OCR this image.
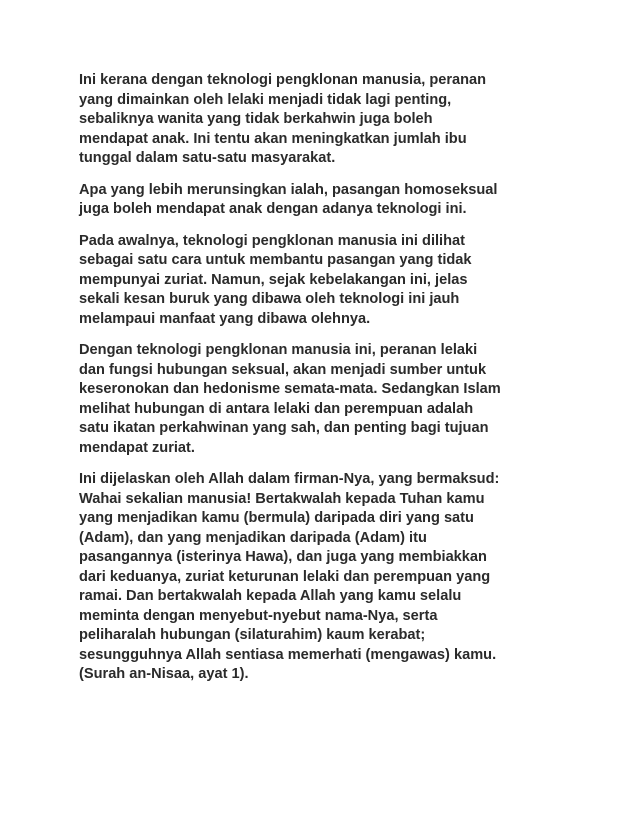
Ini kerana dengan teknologi pengklonan manusia, peranan
yang dimainkan oleh lelaki menjadi tidak lagi penting,
sebaliknya wanita yang tidak berkahwin juga boleh
mendapat anak. Ini tentu akan meningkatkan jumlah ibu
tunggal dalam satu-satu masyarakat.

Apa yang lebih merunsingkan ialah, pasangan homoseksual
juga boleh mendapat anak dengan adanya teknologi ini.

Pada awalnya, teknologi pengklonan manusia ini dilihat
sebagai satu cara untuk membantu pasangan yang tidak
mempunyai zuriat. Namun, sejak kebelakangan ini, jelas
sekali kesan buruk yang dibawa oleh teknologi ini jauh
melampaui manfaat yang dibawa olehnya.

Dengan teknologi pengklonan manusia ini, peranan lelaki
dan fungsi hubungan seksual, akan menjadi sumber untuk
keseronokan dan hedonisme semata-mata. Sedangkan Islam
melihat hubungan di antara lelaki dan perempuan adalah
satu ikatan perkahwinan yang sah, dan penting bagi tujuan
mendapat zuriat.

Ini dijelaskan oleh Allah dalam firman-Nya, yang bermaksud:
Wahai sekalian manusia! Bertakwalah kepada Tuhan kamu
yang menjadikan kamu (bermula) daripada diri yang satu
(Adam), dan yang menjadikan daripada (Adam) itu
pasangannya (isterinya Hawa), dan juga yang membiakkan
dari keduanya, zuriat keturunan lelaki dan perempuan yang
ramai. Dan bertakwalah kepada Allah yang kamu selalu
meminta dengan menyebut-nyebut nama-Nya, serta
peliharalah hubungan (silaturahim) kaum kerabat;
sesungguhnya Allah sentiasa memerhati (mengawas) kamu.
(Surah an-Nisaa, ayat 1).
